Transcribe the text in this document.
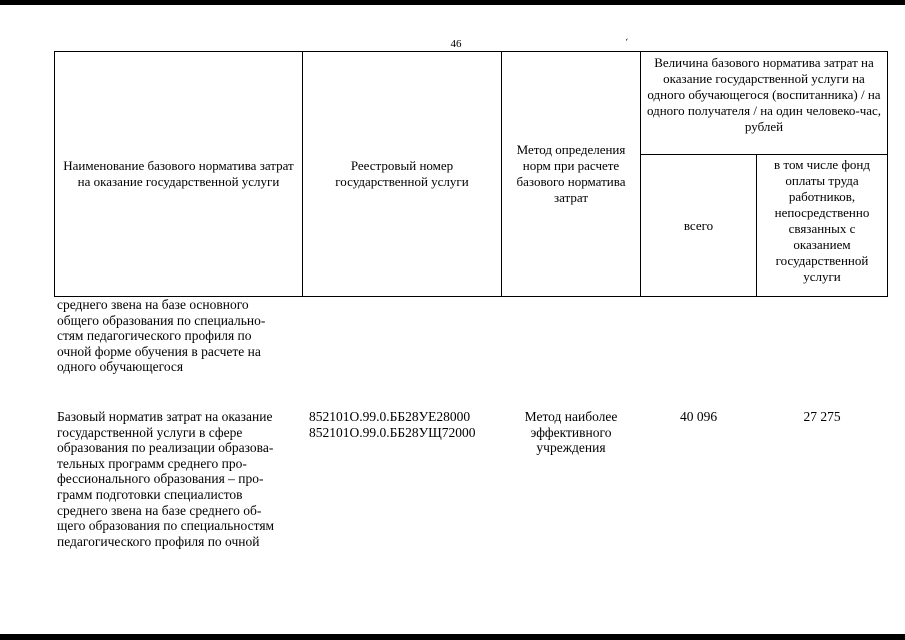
46	ˊ
Наименование базового норматива затрат на оказание государственной услуги
Реестровый номер государственной услуги
Метод определения норм при расчете базового норматива затрат
Величина базового норматива затрат на оказание государственной услуги на одного обучающегося (воспитанника) / на одного получателя / на один человеко-час, рублей
всего
в том числе фонд оплаты труда работников, непосредственно связанных с оказанием государственной услуги
среднего звена на базе основного
общего образования по специально-
стям педагогического профиля по
очной форме обучения в расчете на
одного обучающегося
Базовый норматив затрат на оказание
государственной услуги в сфере
образования по реализации образова-
тельных программ среднего про-
фессионального образования – про-
грамм подготовки специалистов
среднего звена на базе среднего об-
щего образования по специальностям
педагогического профиля по очной
852101О.99.0.ББ28УЕ28000
852101О.99.0.ББ28УЩ72000
Метод наиболее
эффективного
учреждения
40 096	27 275
